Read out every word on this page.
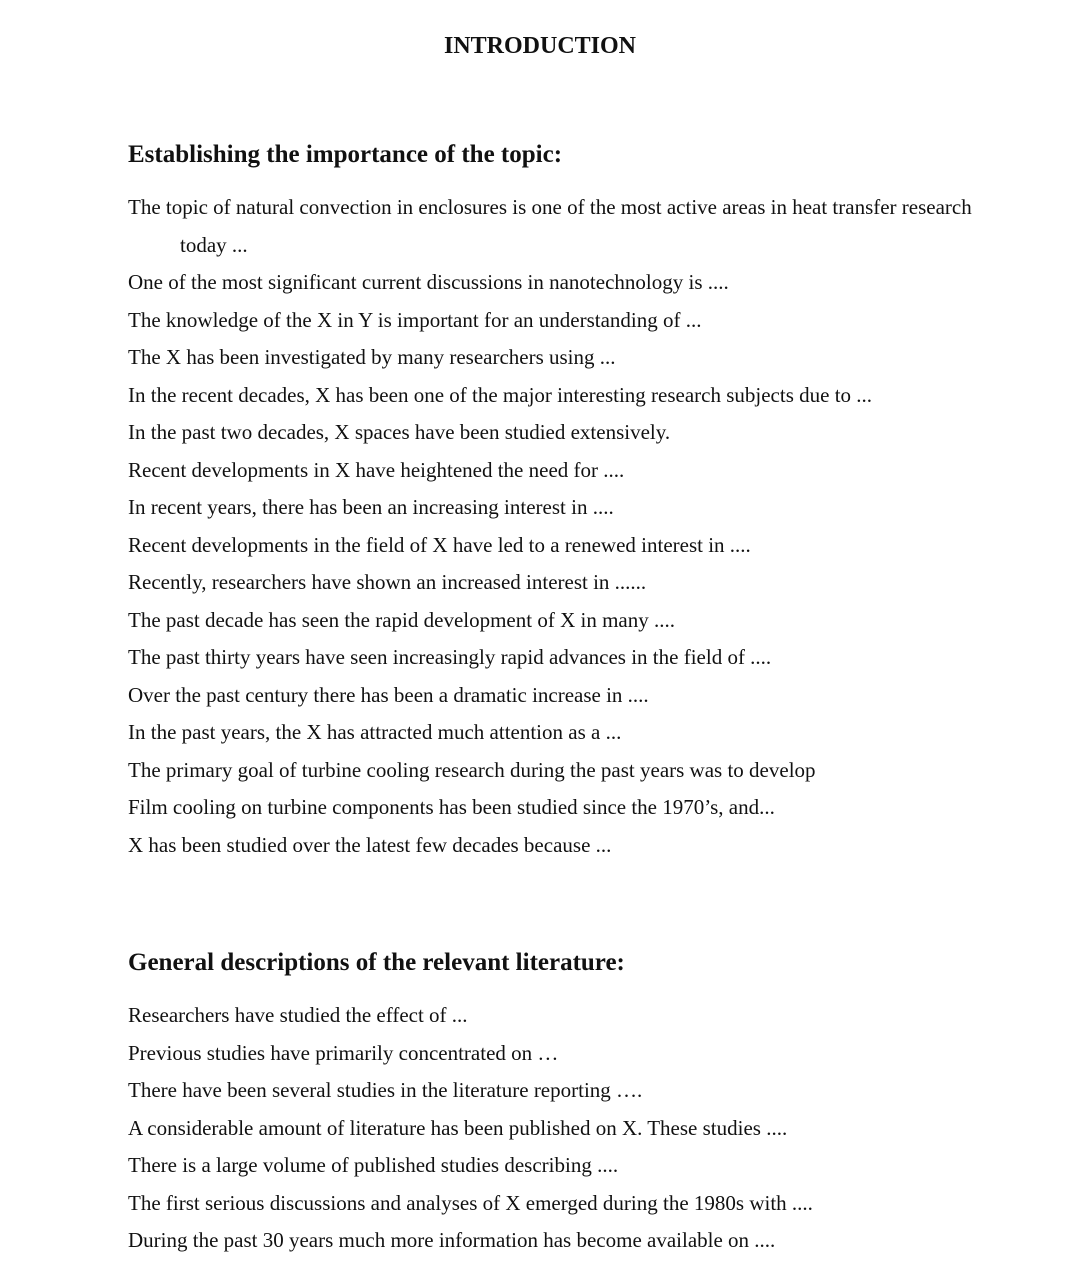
INTRODUCTION
Establishing the importance of the topic:
The topic of natural convection in enclosures is one of the most active areas in heat transfer research today ...
One of the most significant current discussions in nanotechnology is ....
The knowledge of the X in Y is important for an understanding of ...
The X has been investigated by many researchers using ...
In the recent decades, X has been one of the major interesting research subjects due to ...
In the past two decades, X spaces have been studied extensively.
Recent developments in X have heightened the need for ....
In recent years, there has been an increasing interest in ....
Recent developments in the field of X have led to a renewed interest in ....
Recently, researchers have shown an increased interest in ......
The past decade has seen the rapid development of X in many ....
The past thirty years have seen increasingly rapid advances in the field of ....
Over the past century there has been a dramatic increase in ....
In the past years, the X has attracted much attention as a ...
The primary goal of turbine cooling research during the past years was to develop
Film cooling on turbine components has been studied since the 1970’s, and...
X has been studied over the latest few decades because ...
General descriptions of the relevant literature:
Researchers have studied the effect of ...
Previous studies have primarily concentrated on …
There have been several studies in the literature reporting ….
A considerable amount of literature has been published on X. These studies ....
There is a large volume of published studies describing ....
The first serious discussions and analyses of X emerged during the 1980s with ....
During the past 30 years much more information has become available on ....
